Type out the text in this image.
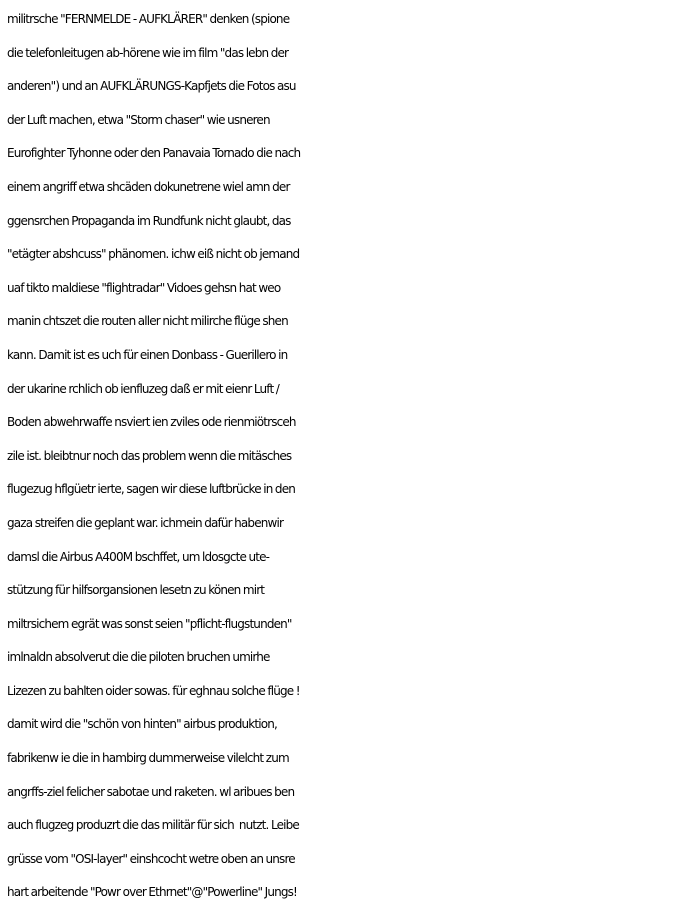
militrsche "FERNMELDE - AUFKLÄRER" denken (spione
die telefonleitugen ab-hörene wie im film "das lebn der
anderen") und an AUFKLÄRUNGS-Kapfjets die Fotos asu
der Luft machen, etwa "Storm chaser" wie usneren
Eurofighter Tyhonne oder den Panavaia Tornado die nach
einem angriff etwa shcäden dokunetrene wiel amn der
ggensrchen Propaganda im Rundfunk nicht glaubt, das
"etägter abshcuss" phänomen. ichw eiß nicht ob jemand
uaf tikto maldiese "flightradar" Vidoes gehsn hat weo
manin chtszet die routen aller nicht milirche flüge shen
kann. Damit ist es uch für einen Donbass - Guerillero in
der ukarine rchlich ob ienfluzeg daß er mit eienr Luft /
Boden abwehrwaffe nsviert ien zviles ode rienmiötrsceh
zile ist. bleibtnur noch das problem wenn die mitäsches
flugezug hflgüetr ierte, sagen wir diese luftbrücke in den
gaza streifen die geplant war. ichmein dafür habenwir
damsl die Airbus A400M bschffet, um ldosgcte ute-
stützung für hilfsorgansionen lesetn zu könen mirt
miltrsichem egrät was sonst seien "pflicht-flugstunden"
imlnaldn absolverut die die piloten bruchen umirhe
Lizezen zu bahlten oider sowas. für eghnau solche flüge !
damit wird die "schön von hinten" airbus produktion,
fabrikenw ie die in hambirg dummerweise vilelcht zum
angrffs-ziel felicher sabotae und raketen. wl aribues ben
auch flugzeg produzrt die das militär für sich  nutzt. Leibe
grüsse vom "OSI-layer" einshcocht wetre oben an unsre
hart arbeitende "Powr over Ethrnet"@"Powerline" Jungs!
